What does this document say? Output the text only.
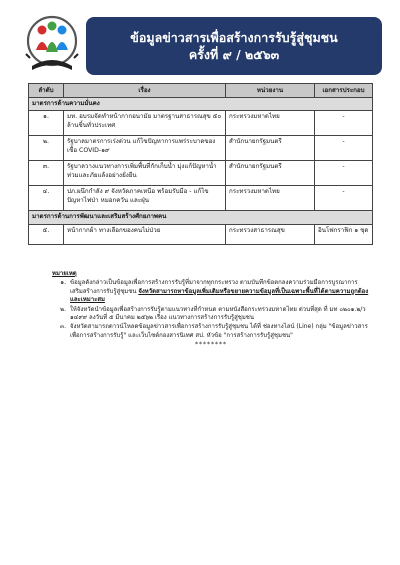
ข้อมูลข่าวสารเพื่อสร้างการรับรู้สู่ชุมชน
ครั้งที่ ๙ / ๒๕๖๓
ลำดับ	เรื่อง	หน่วยงาน	เอกสารประกอบ
มาตรการด้านความมั่นคง			
๑.	มท. อบรมจัดทำหน้ากากอนามัย มาตรฐานสาธารณสุข ๕๐ ล้านชิ้นทั่วประเทศ	กระทรวงมหาดไทย	-
๒.	รัฐบาลมาตรการเร่งด่วน แก้ไขปัญหาการแพร่ระบาดของเชื้อ COVID-๑๙	สำนักนายกรัฐมนตรี	-
๓.	รัฐบาลวางแนวทางการเพิ่มพื้นที่กักเก็บน้ำ มุ่งแก้ปัญหาน้ำท่วมและภัยแล้งอย่างยั่งยืน	สำนักนายกรัฐมนตรี	-
๔.	ปภ.ผนึกกำลัง ๙ จังหวัดภาคเหนือ พร้อมรับมือ - แก้ไขปัญหาไฟป่า หมอกควัน และฝุ่น	กระทรวงมหาดไทย	-
มาตรการด้านการพัฒนาและเสริมสร้างศักยภาพคน			
๕.	หน้ากากผ้า ทางเลือกของคนไม่ป่วย	กระทรวงสาธารณสุข	อินโฟกราฟิก ๑ ชุด
หมายเหตุ
๑. ข้อมูลดังกล่าวเป็นข้อมูลเพื่อการสร้างการรับรู้ที่มาจากทุกกระทรวง ตามบันทึกข้อตกลงความร่วมมือการบูรณาการเสริมสร้างการรับรู้สู่ชุมชน จังหวัดสามารถหาข้อมูลเพิ่มเติมหรือขยายความข้อมูลที่เป็นเฉพาะพื้นที่ได้ตามความถูกต้องและเหมาะสม
๒. ให้จังหวัดนำข้อมูลเพื่อสร้างการรับรู้ตามแนวทางที่กำหนด ตามหนังสือกระทรวงมหาดไทย ด่วนที่สุด ที่ มท ๐๒๐๑.๒/ว ๑๔๙๙ ลงวันที่ ๕ มีนาคม ๒๕๖๒ เรื่อง แนวทางการสร้างการรับรู้สู่ชุมชน
๓. จังหวัดสามารถดาวน์โหลดข้อมูลข่าวสารเพื่อการสร้างการรับรู้สู่ชุมชน ได้ที่ ช่องทางไลน์ (Line) กลุ่ม "ข้อมูลข่าวสารเพื่อการสร้างการรับรู้" และเว็บไซต์กองสารนิเทศ สป. หัวข้อ "การสร้างการรับรู้สู่ชุมชน"
********
